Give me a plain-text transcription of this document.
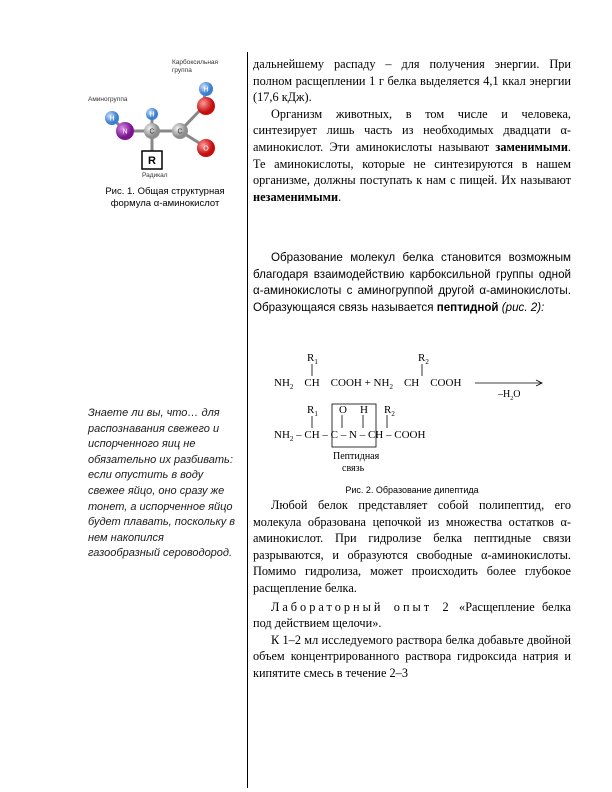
H
H
H
N	C	C
O
R
Карбоксильная
группа
Аминогруппа
Радикал
Рис. 1. Общая структурная
формула α-аминокислот
Знаете ли вы, что… для распознавания свежего и испорченного яиц не обязательно их разбивать: если опустить в воду свежее яйцо, оно сразу же тонет, а испорченное яйцо будет плавать, поскольку в нем накопился газообразный сероводород.

дальнейшему распаду – для получения энергии. При полном расщеплении 1 г белка выделяется 4,1 ккал энергии (17,6 кДж).

Организм животных, в том числе и человека, синтезирует лишь часть из необходимых двадцати α-аминокислот. Эти аминокислоты называют заменимыми. Те аминокислоты, которые не синтезируются в нашем организме, должны поступать к нам с пищей. Их называют незаменимыми.

Образование молекул белка становится возможным благодаря взаимодействию карбоксильной группы одной α-аминокислоты с аминогруппой другой α-аминокислоты. Образующаяся связь называется пептидной (рис. 2):

$R_1$	$R_2$
$NH_2$ CH COOH + $NH_2$ CH COOH
$-H_2O$
$R_1$ O H $R_2$
$NH_2$ – CH – C – N – CH – COOH
Пептидная
связь
Рис. 2. Образование дипептида

Любой белок представляет собой полипептид, его молекула образована цепочкой из множества остатков α-аминокислот. При гидролизе белка пептидные связи разрываются, и образуются свободные α-аминокислоты. Помимо гидролиза, может происходить более глубокое расщепление белка.

Лабораторный опыт 2 «Расщепление белка под действием щелочи».

К 1–2 мл исследуемого раствора белка добавьте двойной объем концентрированного раствора гидроксида натрия и кипятите смесь в течение 2–3
